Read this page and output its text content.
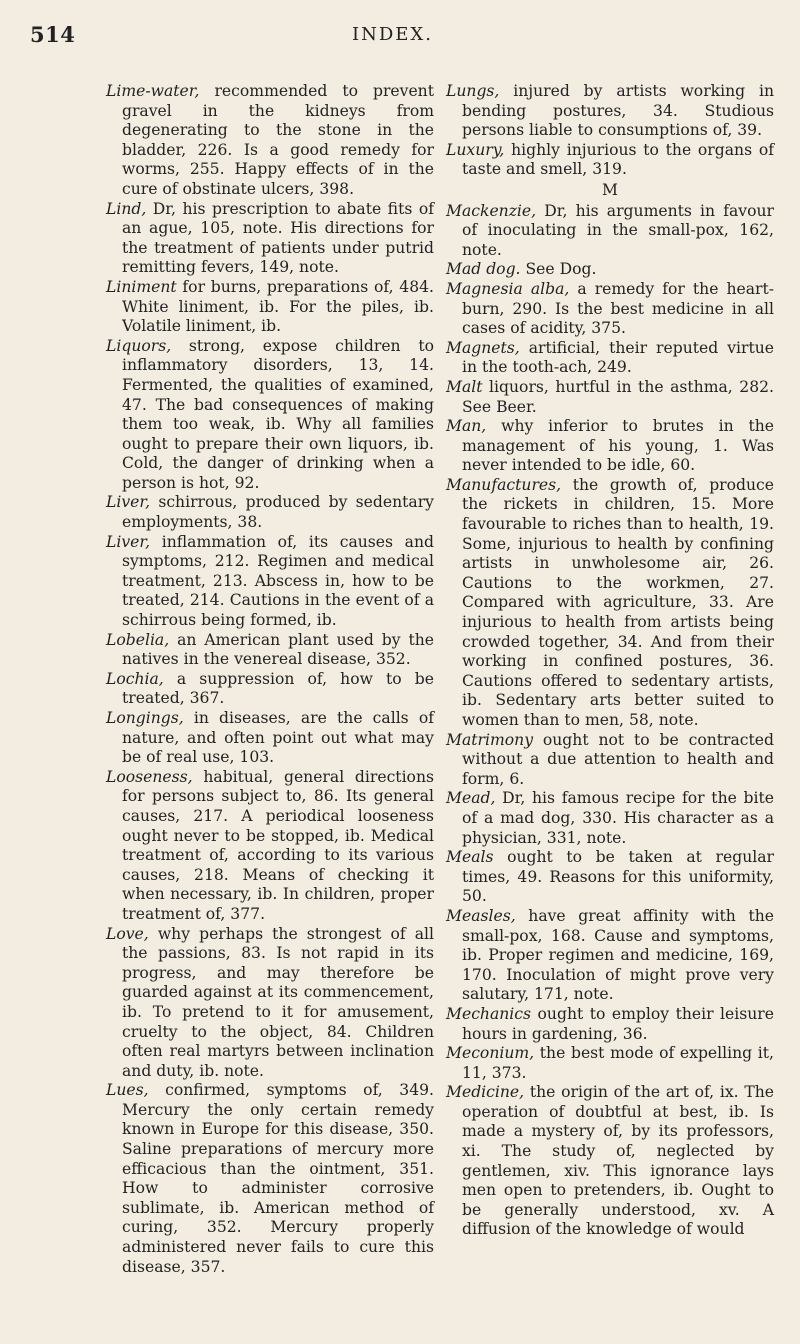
514	INDEX.
Lime-water, recommended to prevent gravel in the kidneys from degenerating to the stone in the bladder, 226. Is a good remedy for worms, 255. Happy effects of in the cure of obstinate ulcers, 398.
Lind, Dr, his prescription to abate fits of an ague, 105, note. His directions for the treatment of patients under putrid remitting fevers, 149, note.
Liniment for burns, preparations of, 484. White liniment, ib. For the piles, ib. Volatile liniment, ib.
Liquors, strong, expose children to inflammatory disorders, 13, 14. Fermented, the qualities of examined, 47. The bad consequences of making them too weak, ib. Why all families ought to prepare their own liquors, ib. Cold, the danger of drinking when a person is hot, 92.
Liver, schirrous, produced by sedentary employments, 38.
Liver, inflammation of, its causes and symptoms, 212. Regimen and medical treatment, 213. Abscess in, how to be treated, 214. Cautions in the event of a schirrous being formed, ib.
Lobelia, an American plant used by the natives in the venereal disease, 352.
Lochia, a suppression of, how to be treated, 367.
Longings, in diseases, are the calls of nature, and often point out what may be of real use, 103.
Looseness, habitual, general directions for persons subject to, 86. Its general causes, 217. A periodical looseness ought never to be stopped, ib. Medical treatment of, according to its various causes, 218. Means of checking it when necessary, ib. In children, proper treatment of, 377.
Love, why perhaps the strongest of all the passions, 83. Is not rapid in its progress, and may therefore be guarded against at its commencement, ib. To pretend to it for amusement, cruelty to the object, 84. Children often real martyrs between inclination and duty, ib. note.
Lues, confirmed, symptoms of, 349. Mercury the only certain remedy known in Europe for this disease, 350. Saline preparations of mercury more efficacious than the ointment, 351. How to administer corrosive sublimate, ib. American method of curing, 352. Mercury properly administered never fails to cure this disease, 357.
Lungs, injured by artists working in bending postures, 34. Studious persons liable to consumptions of, 39.
Luxury, highly injurious to the organs of taste and smell, 319.
M
Mackenzie, Dr, his arguments in favour of inoculating in the small-pox, 162, note.
Mad dog. See Dog.
Magnesia alba, a remedy for the heart-burn, 290. Is the best medicine in all cases of acidity, 375.
Magnets, artificial, their reputed virtue in the tooth-ach, 249.
Malt liquors, hurtful in the asthma, 282. See Beer.
Man, why inferior to brutes in the management of his young, 1. Was never intended to be idle, 60.
Manufactures, the growth of, produce the rickets in children, 15. More favourable to riches than to health, 19. Some, injurious to health by confining artists in unwholesome air, 26. Cautions to the workmen, 27. Compared with agriculture, 33. Are injurious to health from artists being crowded together, 34. And from their working in confined postures, 36. Cautions offered to sedentary artists, ib. Sedentary arts better suited to women than to men, 58, note.
Matrimony ought not to be contracted without a due attention to health and form, 6.
Mead, Dr, his famous recipe for the bite of a mad dog, 330. His character as a physician, 331, note.
Meals ought to be taken at regular times, 49. Reasons for this uniformity, 50.
Measles, have great affinity with the small-pox, 168. Cause and symptoms, ib. Proper regimen and medicine, 169, 170. Inoculation of might prove very salutary, 171, note.
Mechanics ought to employ their leisure hours in gardening, 36.
Meconium, the best mode of expelling it, 11, 373.
Medicine, the origin of the art of, ix. The operation of doubtful at best, ib. Is made a mystery of, by its professors, xi. The study of, neglected by gentlemen, xiv. This ignorance lays men open to pretenders, ib. Ought to be generally understood, xv. A diffusion of the knowledge of would
